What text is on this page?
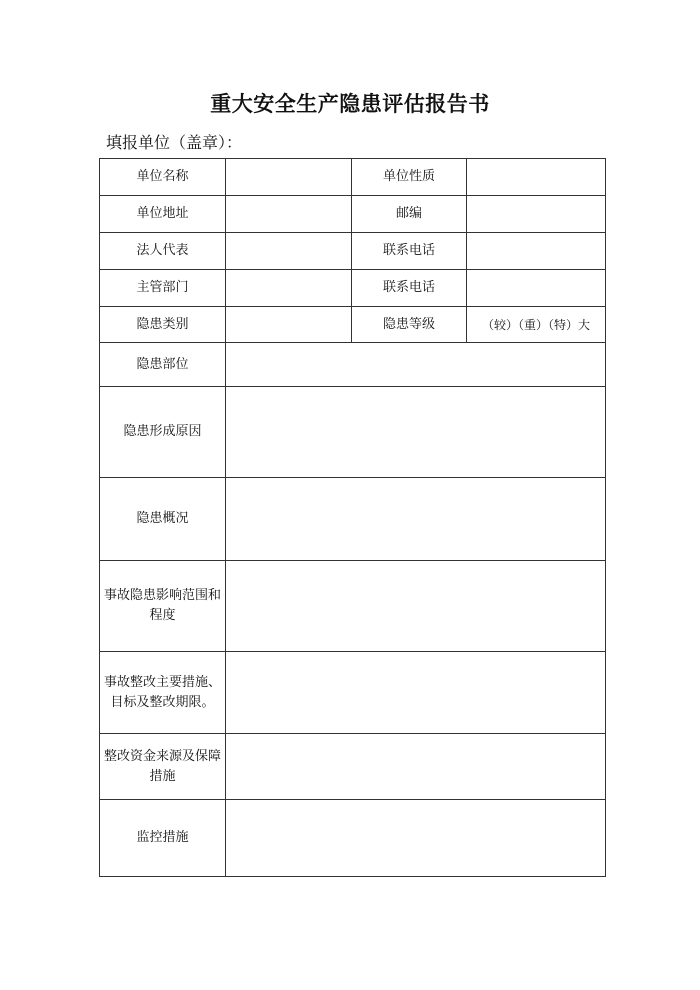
重大安全生产隐患评估报告书
填报单位（盖章）：
单位名称		单位性质	
单位地址		邮编	
法人代表		联系电话	
主管部门		联系电话	
隐患类别		隐患等级	（较）（重）（特）大
隐患部位			
隐患形成原因			
隐患概况			
事故隐患影响范围和程度			
事故整改主要措施、目标及整改期限。			
整改资金来源及保障措施			
监控措施			
